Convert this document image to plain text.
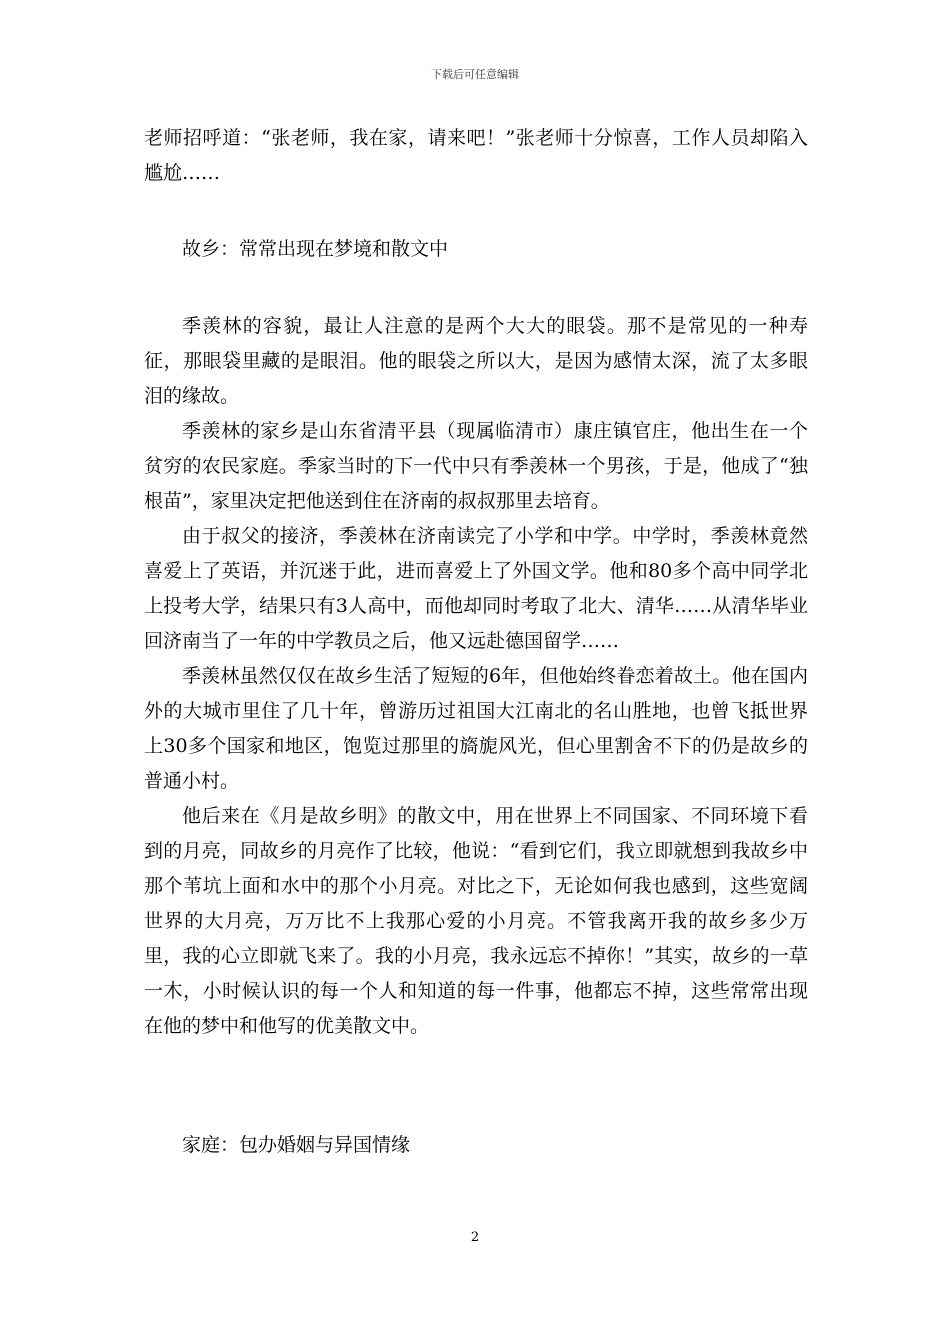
下载后可任意编辑

老师招呼道：“张老师，我在家，请来吧！”张老师十分惊喜，工作人员却陷入尴尬……

故乡：常常出现在梦境和散文中

季羡林的容貌，最让人注意的是两个大大的眼袋。那不是常见的一种寿征，那眼袋里藏的是眼泪。他的眼袋之所以大，是因为感情太深，流了太多眼泪的缘故。

季羡林的家乡是山东省清平县（现属临清市）康庄镇官庄，他出生在一个贫穷的农民家庭。季家当时的下一代中只有季羡林一个男孩，于是，他成了“独根苗”，家里决定把他送到住在济南的叔叔那里去培育。

由于叔父的接济，季羡林在济南读完了小学和中学。中学时，季羡林竟然喜爱上了英语，并沉迷于此，进而喜爱上了外国文学。他和80多个高中同学北上投考大学，结果只有3人高中，而他却同时考取了北大、清华……从清华毕业回济南当了一年的中学教员之后，他又远赴德国留学……

季羡林虽然仅仅在故乡生活了短短的6年，但他始终眷恋着故土。他在国内外的大城市里住了几十年，曾游历过祖国大江南北的名山胜地，也曾飞抵世界上30多个国家和地区，饱览过那里的旖旎风光，但心里割舍不下的仍是故乡的普通小村。

他后来在《月是故乡明》的散文中，用在世界上不同国家、不同环境下看到的月亮，同故乡的月亮作了比较，他说：“看到它们，我立即就想到我故乡中那个苇坑上面和水中的那个小月亮。对比之下，无论如何我也感到，这些宽阔世界的大月亮，万万比不上我那心爱的小月亮。不管我离开我的故乡多少万里，我的心立即就飞来了。我的小月亮，我永远忘不掉你！”其实，故乡的一草一木，小时候认识的每一个人和知道的每一件事，他都忘不掉，这些常常出现在他的梦中和他写的优美散文中。

家庭：包办婚姻与异国情缘
2
